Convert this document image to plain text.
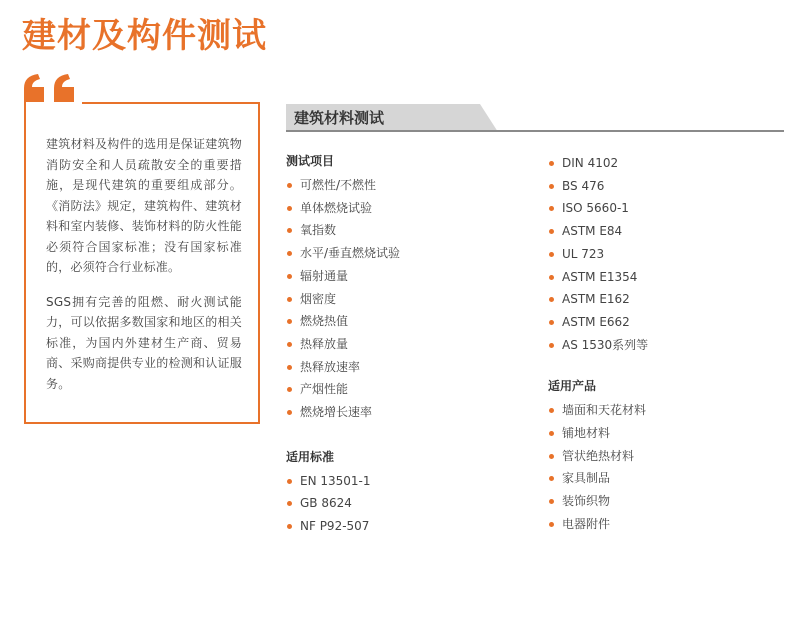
建材及构件测试

建筑材料及构件的选用是保证建筑物消防安全和人员疏散安全的重要措施，是现代建筑的重要组成部分。《消防法》规定，建筑构件、建筑材料和室内装修、装饰材料的防火性能必须符合国家标准；没有国家标准的，必须符合行业标准。

SGS拥有完善的阻燃、耐火测试能力，可以依据多数国家和地区的相关标准，为国内外建材生产商、贸易商、采购商提供专业的检测和认证服务。

建筑材料测试
测试项目
可燃性/不燃性
单体燃烧试验
氧指数
水平/垂直燃烧试验
辐射通量
烟密度
燃烧热值
热释放量
热释放速率
产烟性能
燃烧增长速率
适用标准
EN 13501-1
GB 8624
NF P92-507
DIN 4102
BS 476
ISO 5660-1
ASTM E84
UL 723
ASTM E1354
ASTM E162
ASTM E662
AS 1530系列等
适用产品
墙面和天花材料
铺地材料
管状绝热材料
家具制品
装饰织物
电器附件
